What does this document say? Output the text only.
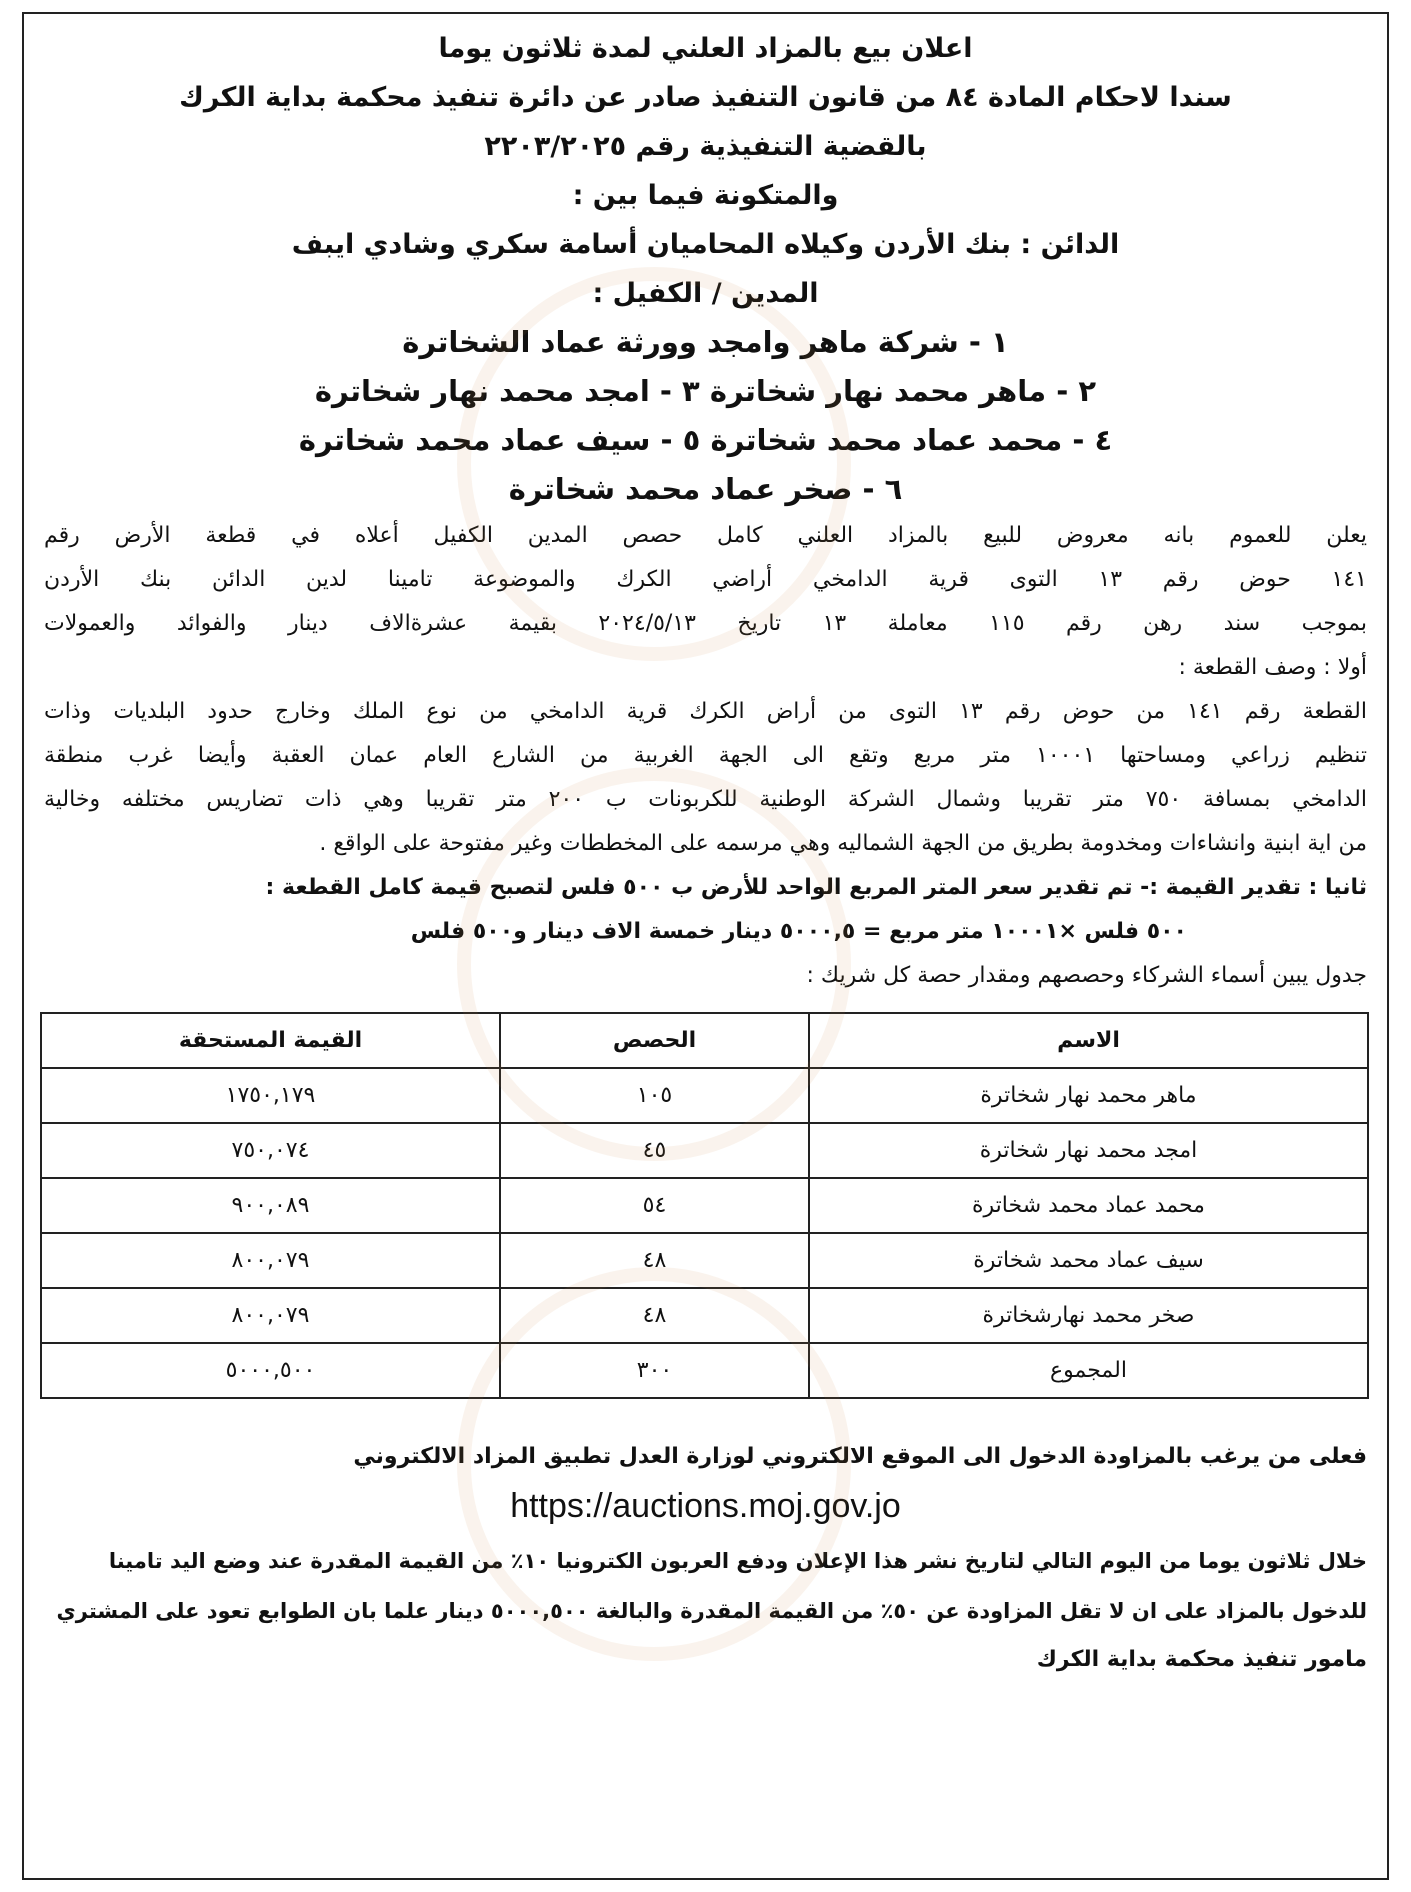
اعلان بيع بالمزاد العلني لمدة ثلاثون يوما
سندا لاحكام المادة ٨٤ من قانون التنفيذ صادر عن دائرة تنفيذ محكمة بداية الكرك
بالقضية التنفيذية رقم ٢٢٠٣/٢٠٢٥
والمتكونة فيما بين :
الدائن : بنك الأردن وكيلاه المحاميان أسامة سكري وشادي ايبف
المدين / الكفيل :
١ - شركة ماهر وامجد وورثة عماد الشخاترة
٢ - ماهر محمد نهار شخاترة ٣ - امجد محمد نهار شخاترة
٤ - محمد عماد محمد شخاترة ٥ - سيف عماد محمد شخاترة
٦ - صخر عماد محمد شخاترة
يعلن للعموم بانه معروض للبيع بالمزاد العلني كامل حصص المدين الكفيل أعلاه في قطعة الأرض رقم
١٤١ حوض رقم ١٣ التوى قرية الدامخي أراضي الكرك والموضوعة تامينا لدين الدائن بنك الأردن
بموجب سند رهن رقم ١١٥ معاملة ١٣ تاريخ ٢٠٢٤/٥/١٣ بقيمة عشرةالاف دينار والفوائد والعمولات
أولا : وصف القطعة :
القطعة رقم ١٤١ من حوض رقم ١٣ التوى من أراض الكرك قرية الدامخي من نوع الملك وخارج حدود البلديات وذات
تنظيم زراعي ومساحتها ١٠٠٠١ متر مربع وتقع الى الجهة الغربية من الشارع العام عمان العقبة وأيضا غرب منطقة
الدامخي بمسافة ٧٥٠ متر تقريبا وشمال الشركة الوطنية للكربونات ب ٢٠٠ متر تقريبا وهي ذات تضاريس مختلفه وخالية
من اية ابنية وانشاءات ومخدومة بطريق من الجهة الشماليه وهي مرسمه على المخططات وغير مفتوحة على الواقع .
ثانيا : تقدير القيمة :- تم تقدير سعر المتر المربع الواحد للأرض ب ٥٠٠ فلس لتصبح قيمة كامل القطعة :
٥٠٠ فلس ×١٠٠٠١ متر مربع = ٥٠٠٠,٥ دينار خمسة الاف دينار و٥٠٠ فلس
جدول يبين أسماء الشركاء وحصصهم ومقدار حصة كل شريك :
الاسم	الحصص	القيمة المستحقة
ماهر محمد نهار شخاترة	١٠٥	١٧٥٠,١٧٩
امجد محمد نهار شخاترة	٤٥	٧٥٠,٠٧٤
محمد عماد محمد شخاترة	٥٤	٩٠٠,٠٨٩
سيف عماد محمد شخاترة	٤٨	٨٠٠,٠٧٩
صخر محمد نهارشخاترة	٤٨	٨٠٠,٠٧٩
المجموع	٣٠٠	٥٠٠٠,٥٠٠
فعلى من يرغب بالمزاودة الدخول الى الموقع الالكتروني لوزارة العدل تطبيق المزاد الالكتروني
https://auctions.moj.gov.jo
خلال ثلاثون يوما من اليوم التالي لتاريخ نشر هذا الإعلان ودفع العربون الكترونيا ١٠٪ من القيمة المقدرة عند وضع اليد تامينا
للدخول بالمزاد على ان لا تقل المزاودة عن ٥٠٪ من القيمة المقدرة والبالغة ٥٠٠٠,٥٠٠ دينار علما بان الطوابع تعود على المشتري
مامور تنفيذ محكمة بداية الكرك
